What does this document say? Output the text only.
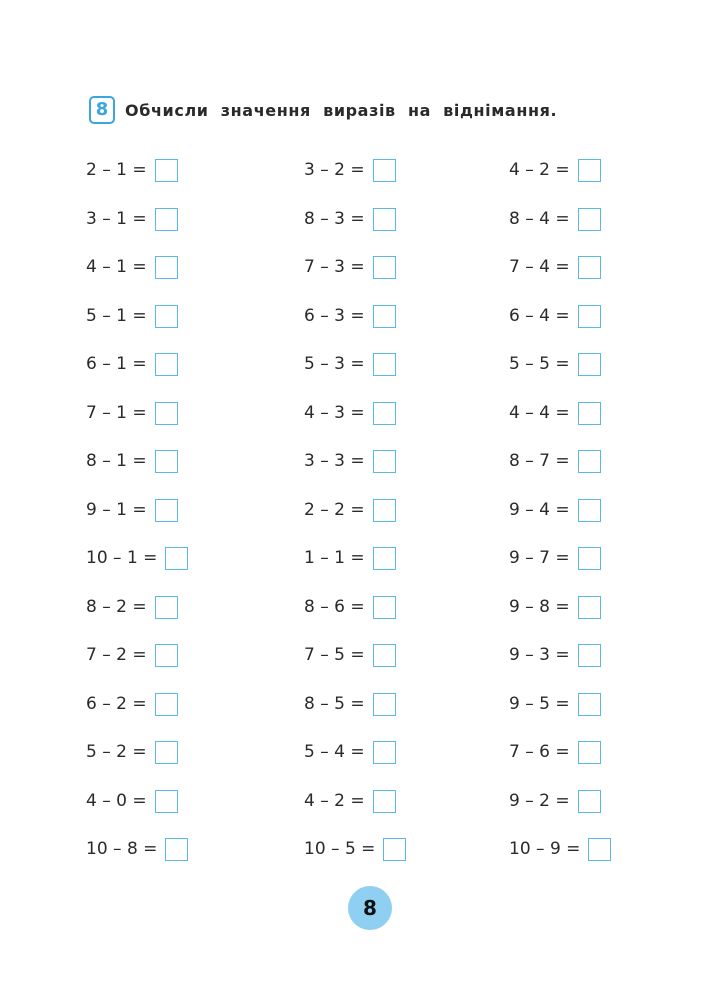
8	Обчисли значення виразів на віднімання.
2 – 1 =
3 – 1 =
4 – 1 =
5 – 1 =
6 – 1 =
7 – 1 =
8 – 1 =
9 – 1 =
10 – 1 =
8 – 2 =
7 – 2 =
6 – 2 =
5 – 2 =
4 – 0 =
10 – 8 =
3 – 2 =
8 – 3 =
7 – 3 =
6 – 3 =
5 – 3 =
4 – 3 =
3 – 3 =
2 – 2 =
1 – 1 =
8 – 6 =
7 – 5 =
8 – 5 =
5 – 4 =
4 – 2 =
10 – 5 =
4 – 2 =
8 – 4 =
7 – 4 =
6 – 4 =
5 – 5 =
4 – 4 =
8 – 7 =
9 – 4 =
9 – 7 =
9 – 8 =
9 – 3 =
9 – 5 =
7 – 6 =
9 – 2 =
10 – 9 =
8
